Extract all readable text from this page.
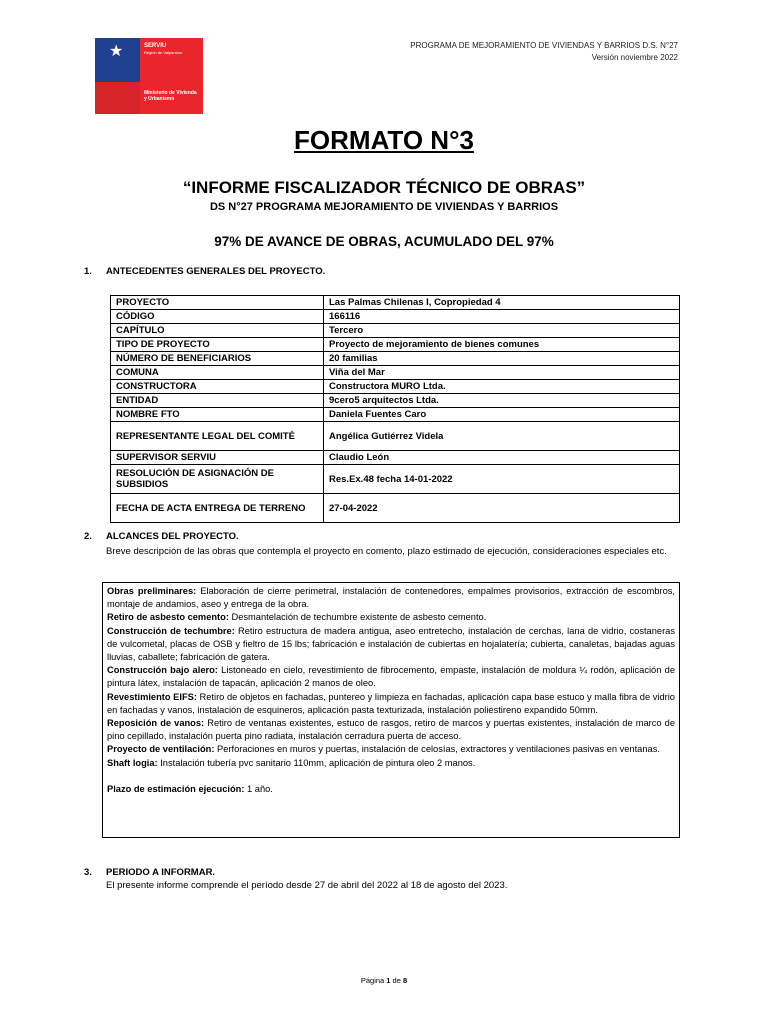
★	SERVIU
Región de Valparaíso
Ministerio de Vivienda y Urbanismo
PROGRAMA DE MEJORAMIENTO DE VIVIENDAS Y BARRIOS D.S. N°27
Versión noviembre 2022
FORMATO N°3
“INFORME FISCALIZADOR TÉCNICO DE OBRAS”
DS N°27 PROGRAMA MEJORAMIENTO DE VIVIENDAS Y BARRIOS
97% DE AVANCE DE OBRAS, ACUMULADO DEL 97%
1. ANTECEDENTES GENERALES DEL PROYECTO.
PROYECTO	Las Palmas Chilenas I, Copropiedad 4
CÓDIGO	166116
CAPÍTULO	Tercero
TIPO DE PROYECTO	Proyecto de mejoramiento de bienes comunes
NÚMERO DE BENEFICIARIOS	20 familias
COMUNA	Viña del Mar
CONSTRUCTORA	Constructora MURO Ltda.
ENTIDAD	9cero5 arquitectos Ltda.
NOMBRE FTO	Daniela Fuentes Caro
REPRESENTANTE LEGAL DEL COMITÉ	Angélica Gutiérrez Videla
SUPERVISOR SERVIU	Claudio León
RESOLUCIÓN DE ASIGNACIÓN DE SUBSIDIOS	Res.Ex.48 fecha 14-01-2022
FECHA DE ACTA ENTREGA DE TERRENO	27-04-2022
2. ALCANCES DEL PROYECTO.
Breve descripción de las obras que contempla el proyecto en comento, plazo estimado de ejecución, consideraciones especiales etc.

Obras preliminares: Elaboración de cierre perimetral, instalación de contenedores, empalmes provisorios, extracción de escombros, montaje de andamios, aseo y entrega de la obra.

Retiro de asbesto cemento: Desmantelación de techumbre existente de asbesto cemento.

Construcción de techumbre: Retiro estructura de madera antigua, aseo entretecho, instalación de cerchas, lana de vidrio, costaneras de vulcometal, placas de OSB y fieltro de 15 lbs; fabricación e instalación de cubiertas en hojalatería; cubierta, canaletas, bajadas aguas lluvias, caballete; fabricación de gatera.

Construcción bajo alero: Listoneado en cielo, revestimiento de fibrocemento, empaste, instalación de moldura ¼ rodón, aplicación de pintura látex, instalación de tapacán, aplicación 2 manos de oleo.

Revestimiento EIFS: Retiro de objetos en fachadas, puntereo y limpieza en fachadas, aplicación capa base estuco y malla fibra de vidrio en fachadas y vanos, instalación de esquineros, aplicación pasta texturizada, instalación poliestireno expandido 50mm.

Reposición de vanos: Retiro de ventanas existentes, estuco de rasgos, retiro de marcos y puertas existentes, instalación de marco de pino cepillado, instalación puerta pino radiata, instalación cerradura puerta de acceso.

Proyecto de ventilación: Perforaciones en muros y puertas, instalación de celosías, extractores y ventilaciones pasivas en ventanas.

Shaft logia: Instalación tubería pvc sanitario 110mm, aplicación de pintura oleo 2 manos.

Plazo de estimación ejecución: 1 año.

3. PERIODO A INFORMAR.
El presente informe comprende el período desde 27 de abril del 2022 al 18 de agosto del 2023.
Página 1 de 8
